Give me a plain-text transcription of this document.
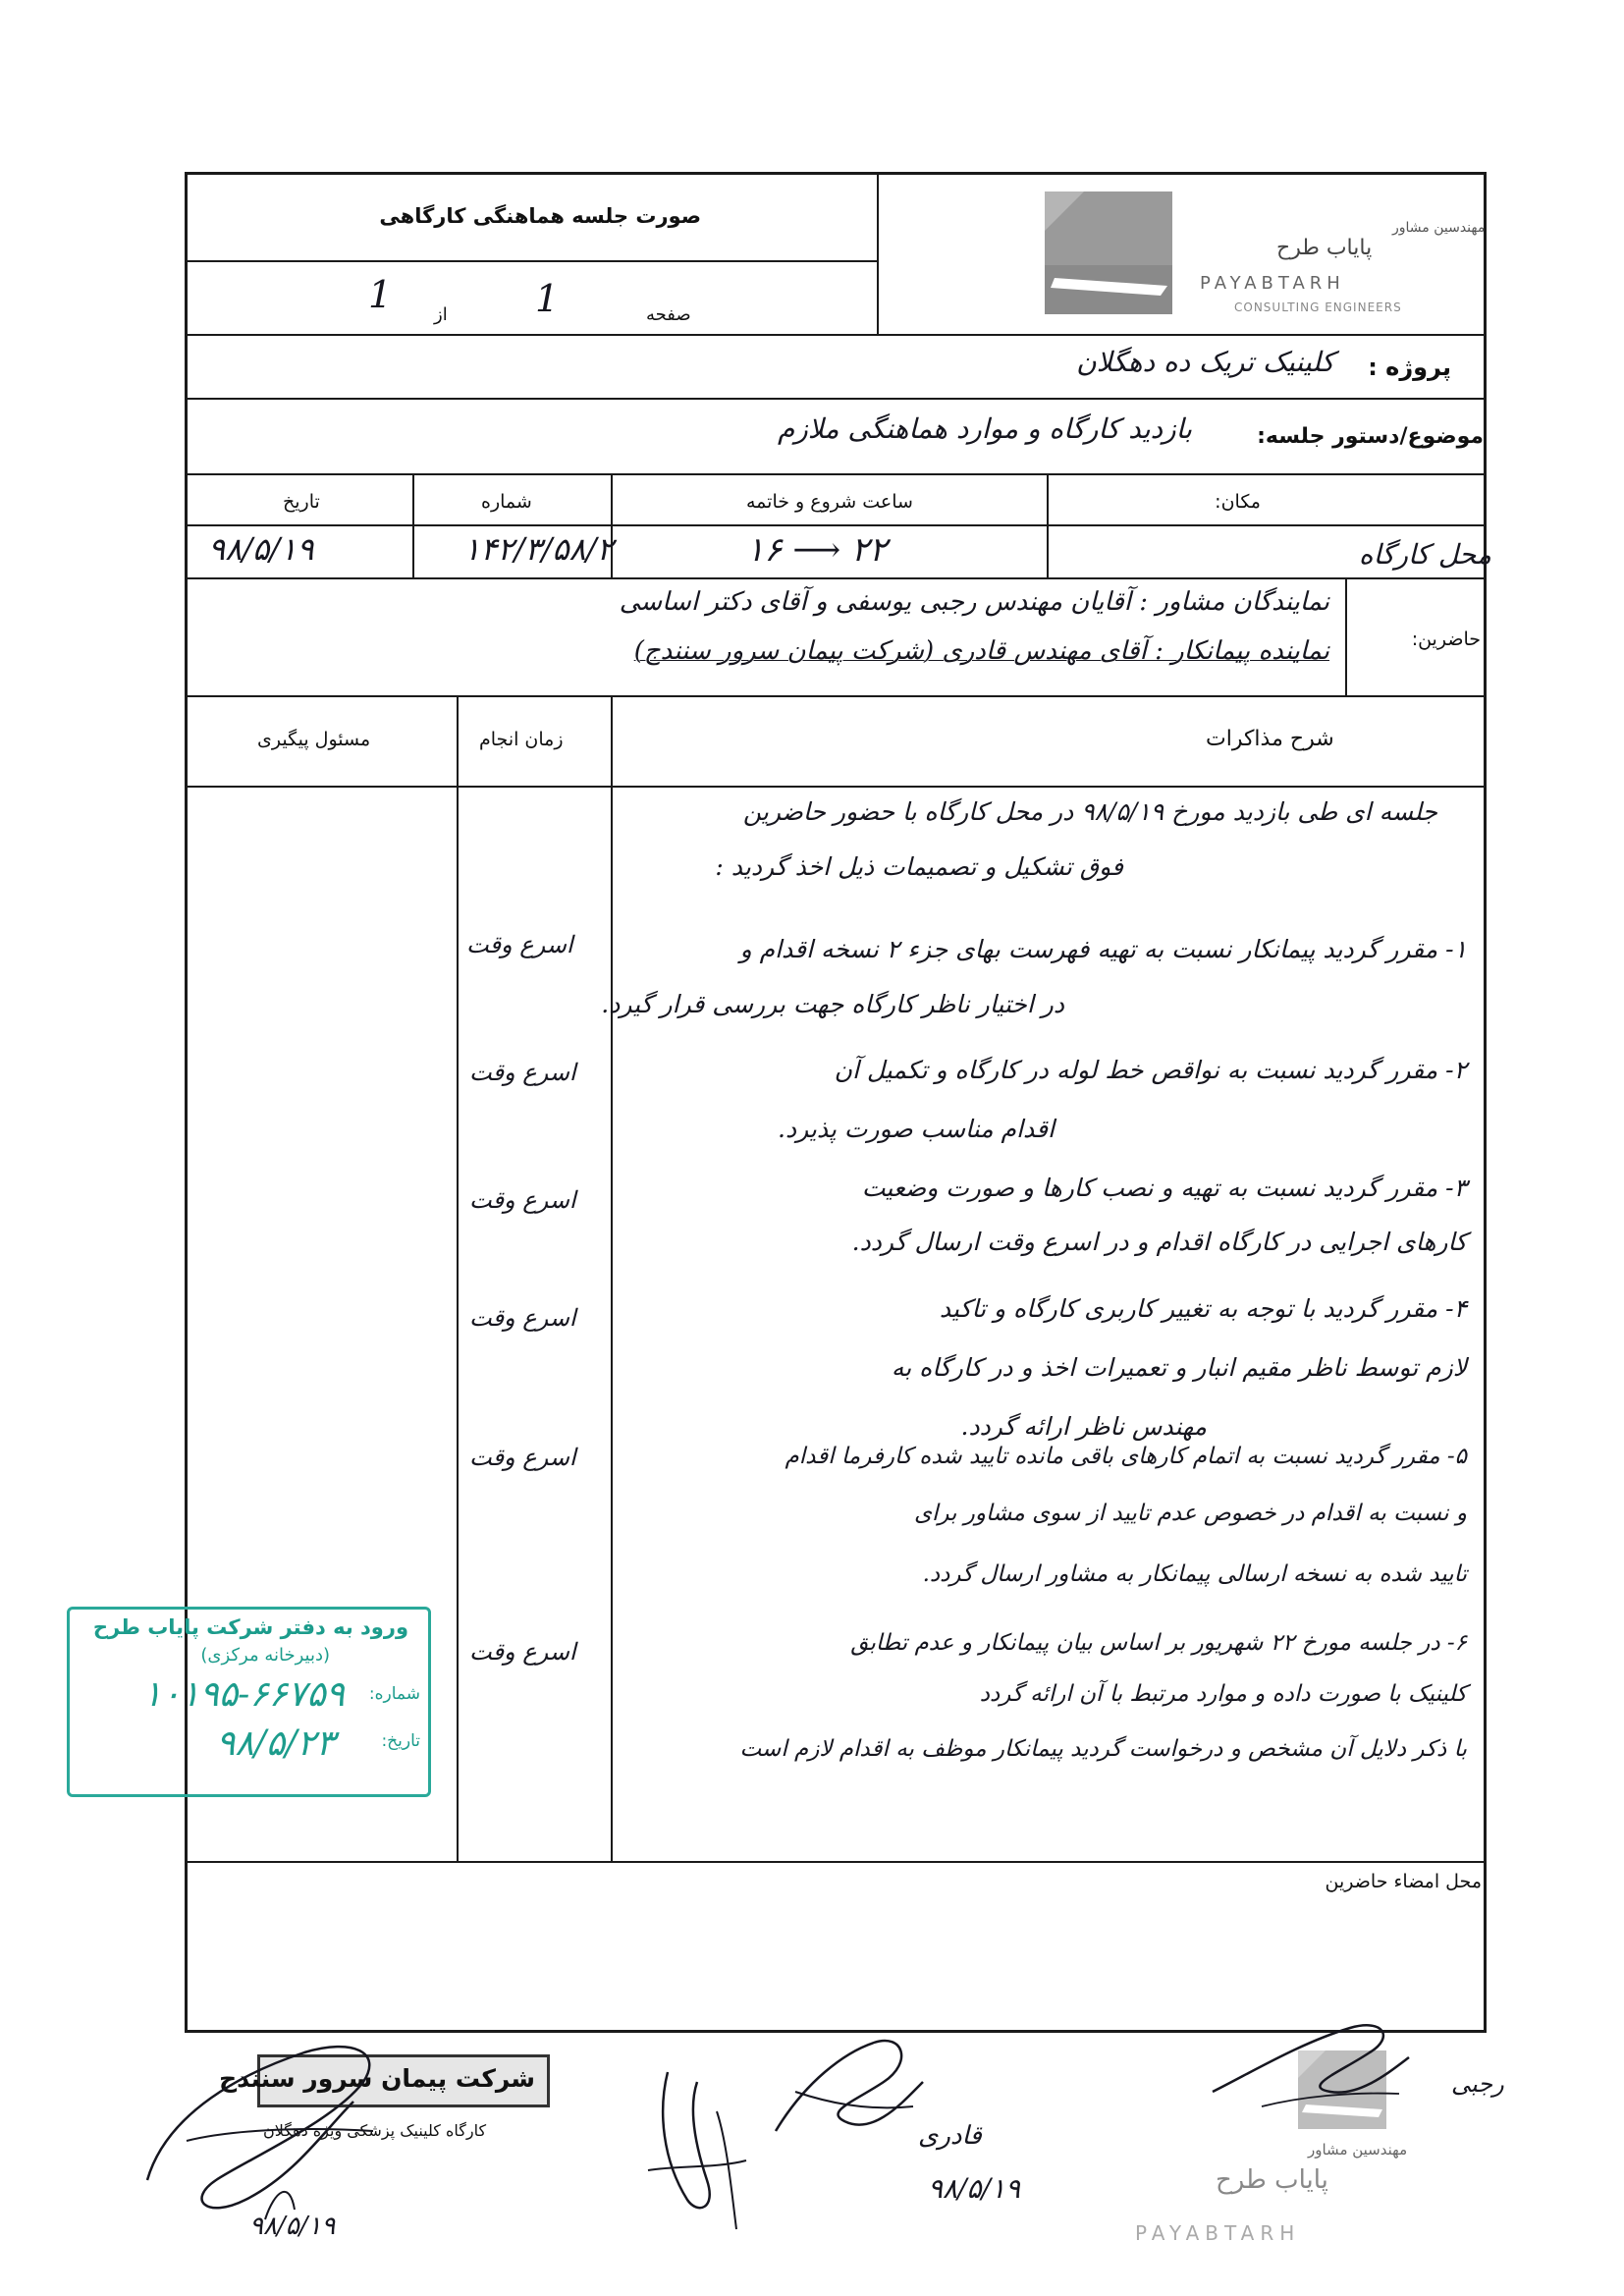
صورت جلسه هماهنگی کارگاهی
صفحه
1
از
1
مهندسین مشاور
پایاب طرح
PAYABTARH
CONSULTING ENGINEERS
پروژه :
کلینیک تریک ده دهگلان
موضوع/دستور جلسه:
بازدید کارگاه و موارد هماهنگی ملازم
مکان:
ساعت شروع و خاتمه
شماره
تاریخ
محل کارگاه
۱۶ ⟶ ۲۲
۱۴۲/۳/۵۸/۲
۹۸/۵/۱۹
حاضرین:
نمایندگان مشاور : آقایان مهندس رجبی یوسفی و آقای دکتر اساسی
نماینده پیمانکار : آقای مهندس قادری (شرکت پیمان سرور سنندج)
شرح مذاکرات
زمان انجام
مسئول پیگیری
جلسه ای طی بازدید مورخ ۹۸/۵/۱۹ در محل کارگاه با حضور حاضرین
فوق تشکیل و تصمیمات ذیل اخذ گردید :
۱- مقرر گردید پیمانکار نسبت به تهیه فهرست بهای جزء ۲ نسخه اقدام و
در اختیار ناظر کارگاه جهت بررسی قرار گیرد.
۲- مقرر گردید نسبت به نواقص خط لوله در کارگاه و تکمیل آن
اقدام مناسب صورت پذیرد.
۳- مقرر گردید نسبت به تهیه و نصب کارها و صورت وضعیت
کارهای اجرایی در کارگاه اقدام و در اسرع وقت ارسال گردد.
۴- مقرر گردید با توجه به تغییر کاربری کارگاه و تاکید
لازم توسط ناظر مقیم انبار و تعمیرات اخذ و در کارگاه به
مهندس ناظر ارائه گردد.
۵- مقرر گردید نسبت به اتمام کارهای باقی مانده تایید شده کارفرما اقدام
و نسبت به اقدام در خصوص عدم تایید از سوی مشاور برای
تایید شده به نسخه ارسالی پیمانکار به مشاور ارسال گردد.
۶- در جلسه مورخ ۲۲ شهریور بر اساس بیان پیمانکار و عدم تطابق
کلینیک با صورت داده و موارد مرتبط با آن ارائه گردد
با ذکر دلایل آن مشخص و درخواست گردید پیمانکار موظف به اقدام لازم است
اسرع وقت
اسرع وقت
اسرع وقت
اسرع وقت
اسرع وقت
اسرع وقت
محل امضاء حاضرین
ورود به دفتر شرکت پایاب طرح
(دبیرخانه مرکزی)
شماره:
۱۰۱۹۵-۶۶۷۵۹
تاریخ:
۹۸/۵/۲۳
شرکت پیمان سرور سنندج
کارگاه کلینیک پزشکی ویژه دهگلان
مهندسین مشاور
پایاب طرح
PAYABTARH
۹۸/۵/۱۹
قادری
۹۸/۵/۱۹
رجبی
